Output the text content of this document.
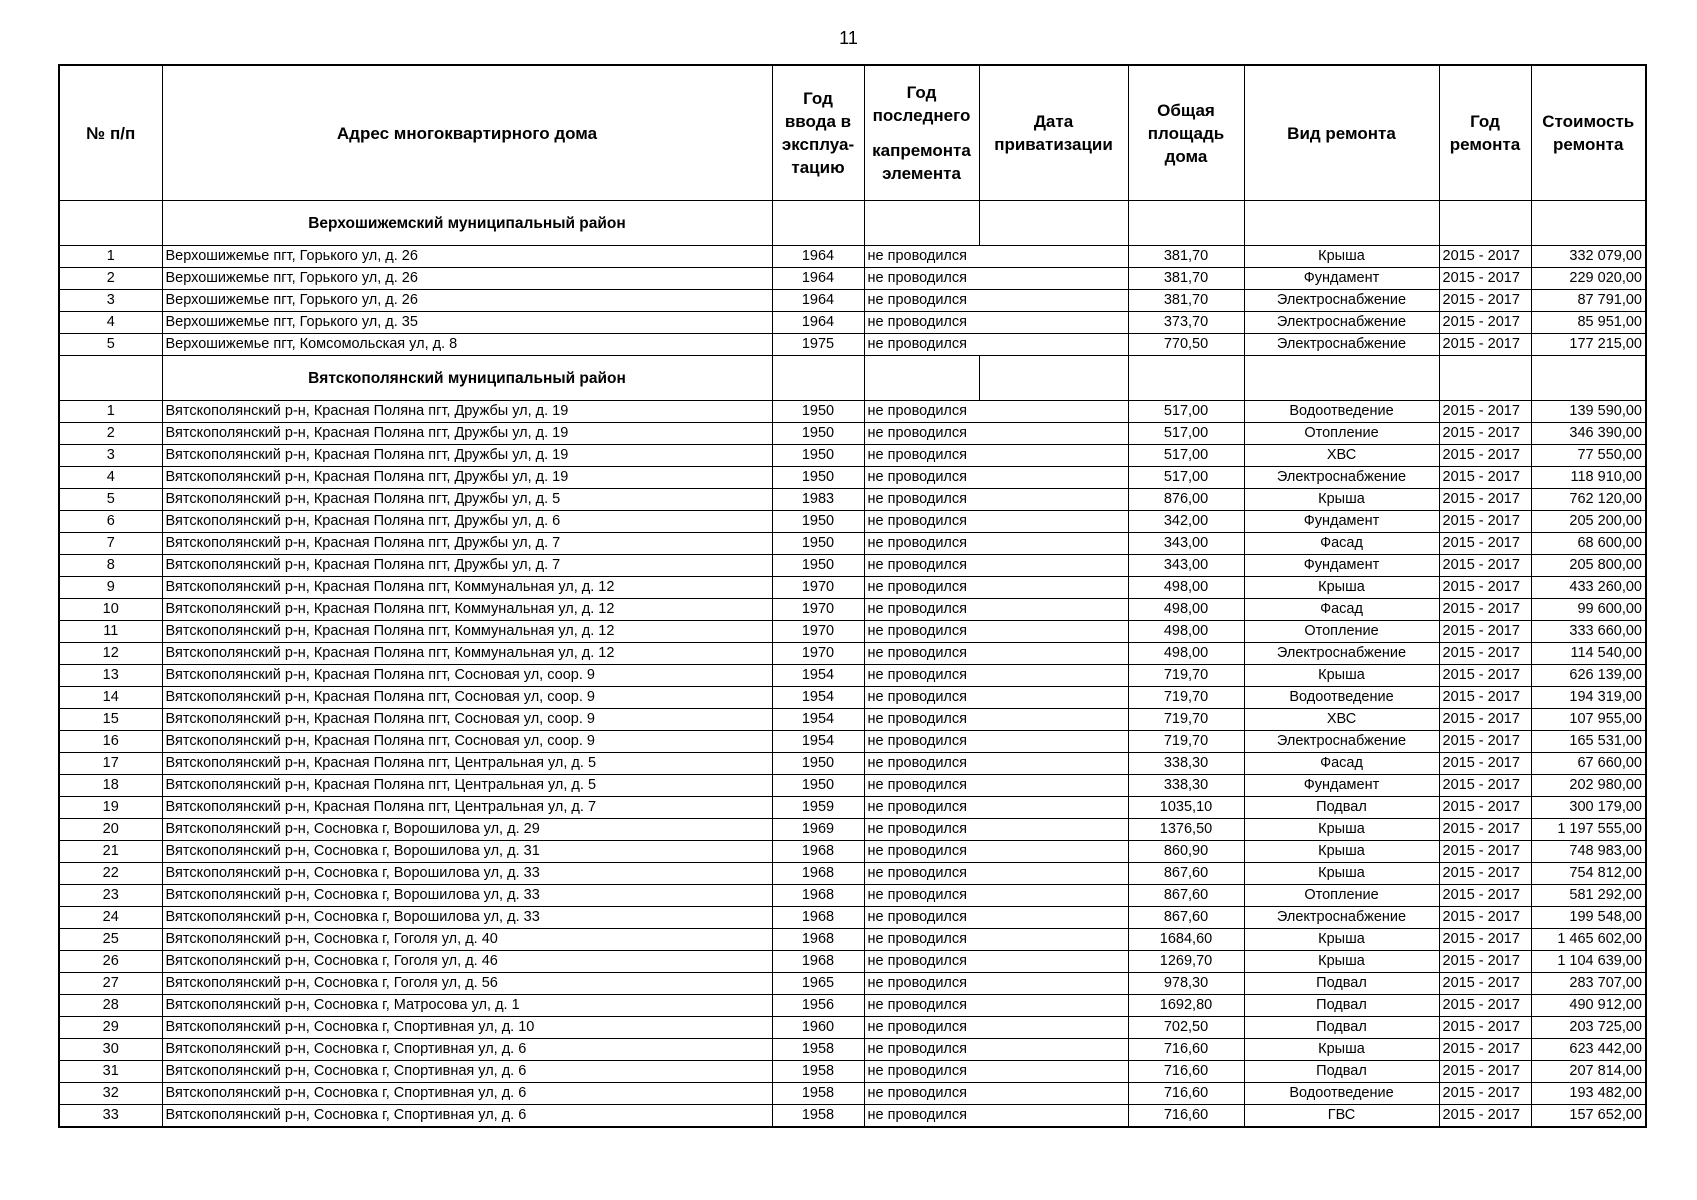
11
№ п/п	Адрес многоквартирного дома	Год ввода в эксплуа-тацию	Год последнего
капремонта элемента	Дата приватизации	Общая площадь дома	Вид ремонта	Год ремонта	Стоимость ремонта
	Верхошижемский муниципальный район							
1	Верхошижемье пгт, Горького ул, д. 26	1964	не проводился		381,70	Крыша	2015 - 2017	332 079,00
2	Верхошижемье пгт, Горького ул, д. 26	1964	не проводился		381,70	Фундамент	2015 - 2017	229 020,00
3	Верхошижемье пгт, Горького ул, д. 26	1964	не проводился		381,70	Электроснабжение	2015 - 2017	87 791,00
4	Верхошижемье пгт, Горького ул, д. 35	1964	не проводился		373,70	Электроснабжение	2015 - 2017	85 951,00
5	Верхошижемье пгт, Комсомольская ул, д. 8	1975	не проводился		770,50	Электроснабжение	2015 - 2017	177 215,00
	Вятскополянский муниципальный район							
1	Вятскополянский р-н, Красная Поляна пгт, Дружбы ул, д. 19	1950	не проводился		517,00	Водоотведение	2015 - 2017	139 590,00
2	Вятскополянский р-н, Красная Поляна пгт, Дружбы ул, д. 19	1950	не проводился		517,00	Отопление	2015 - 2017	346 390,00
3	Вятскополянский р-н, Красная Поляна пгт, Дружбы ул, д. 19	1950	не проводился		517,00	ХВС	2015 - 2017	77 550,00
4	Вятскополянский р-н, Красная Поляна пгт, Дружбы ул, д. 19	1950	не проводился		517,00	Электроснабжение	2015 - 2017	118 910,00
5	Вятскополянский р-н, Красная Поляна пгт, Дружбы ул, д. 5	1983	не проводился		876,00	Крыша	2015 - 2017	762 120,00
6	Вятскополянский р-н, Красная Поляна пгт, Дружбы ул, д. 6	1950	не проводился		342,00	Фундамент	2015 - 2017	205 200,00
7	Вятскополянский р-н, Красная Поляна пгт, Дружбы ул, д. 7	1950	не проводился		343,00	Фасад	2015 - 2017	68 600,00
8	Вятскополянский р-н, Красная Поляна пгт, Дружбы ул, д. 7	1950	не проводился		343,00	Фундамент	2015 - 2017	205 800,00
9	Вятскополянский р-н, Красная Поляна пгт, Коммунальная ул, д. 12	1970	не проводился		498,00	Крыша	2015 - 2017	433 260,00
10	Вятскополянский р-н, Красная Поляна пгт, Коммунальная ул, д. 12	1970	не проводился		498,00	Фасад	2015 - 2017	99 600,00
11	Вятскополянский р-н, Красная Поляна пгт, Коммунальная ул, д. 12	1970	не проводился		498,00	Отопление	2015 - 2017	333 660,00
12	Вятскополянский р-н, Красная Поляна пгт, Коммунальная ул, д. 12	1970	не проводился		498,00	Электроснабжение	2015 - 2017	114 540,00
13	Вятскополянский р-н, Красная Поляна пгт, Сосновая ул, соор. 9	1954	не проводился		719,70	Крыша	2015 - 2017	626 139,00
14	Вятскополянский р-н, Красная Поляна пгт, Сосновая ул, соор. 9	1954	не проводился		719,70	Водоотведение	2015 - 2017	194 319,00
15	Вятскополянский р-н, Красная Поляна пгт, Сосновая ул, соор. 9	1954	не проводился		719,70	ХВС	2015 - 2017	107 955,00
16	Вятскополянский р-н, Красная Поляна пгт, Сосновая ул, соор. 9	1954	не проводился		719,70	Электроснабжение	2015 - 2017	165 531,00
17	Вятскополянский р-н, Красная Поляна пгт, Центральная ул, д. 5	1950	не проводился		338,30	Фасад	2015 - 2017	67 660,00
18	Вятскополянский р-н, Красная Поляна пгт, Центральная ул, д. 5	1950	не проводился		338,30	Фундамент	2015 - 2017	202 980,00
19	Вятскополянский р-н, Красная Поляна пгт, Центральная ул, д. 7	1959	не проводился		1035,10	Подвал	2015 - 2017	300 179,00
20	Вятскополянский р-н, Сосновка г, Ворошилова ул, д. 29	1969	не проводился		1376,50	Крыша	2015 - 2017	1 197 555,00
21	Вятскополянский р-н, Сосновка г, Ворошилова ул, д. 31	1968	не проводился		860,90	Крыша	2015 - 2017	748 983,00
22	Вятскополянский р-н, Сосновка г, Ворошилова ул, д. 33	1968	не проводился		867,60	Крыша	2015 - 2017	754 812,00
23	Вятскополянский р-н, Сосновка г, Ворошилова ул, д. 33	1968	не проводился		867,60	Отопление	2015 - 2017	581 292,00
24	Вятскополянский р-н, Сосновка г, Ворошилова ул, д. 33	1968	не проводился		867,60	Электроснабжение	2015 - 2017	199 548,00
25	Вятскополянский р-н, Сосновка г, Гоголя ул, д. 40	1968	не проводился		1684,60	Крыша	2015 - 2017	1 465 602,00
26	Вятскополянский р-н, Сосновка г, Гоголя ул, д. 46	1968	не проводился		1269,70	Крыша	2015 - 2017	1 104 639,00
27	Вятскополянский р-н, Сосновка г, Гоголя ул, д. 56	1965	не проводился		978,30	Подвал	2015 - 2017	283 707,00
28	Вятскополянский р-н, Сосновка г, Матросова ул, д. 1	1956	не проводился		1692,80	Подвал	2015 - 2017	490 912,00
29	Вятскополянский р-н, Сосновка г, Спортивная ул, д. 10	1960	не проводился		702,50	Подвал	2015 - 2017	203 725,00
30	Вятскополянский р-н, Сосновка г, Спортивная ул, д. 6	1958	не проводился		716,60	Крыша	2015 - 2017	623 442,00
31	Вятскополянский р-н, Сосновка г, Спортивная ул, д. 6	1958	не проводился		716,60	Подвал	2015 - 2017	207 814,00
32	Вятскополянский р-н, Сосновка г, Спортивная ул, д. 6	1958	не проводился		716,60	Водоотведение	2015 - 2017	193 482,00
33	Вятскополянский р-н, Сосновка г, Спортивная ул, д. 6	1958	не проводился		716,60	ГВС	2015 - 2017	157 652,00
